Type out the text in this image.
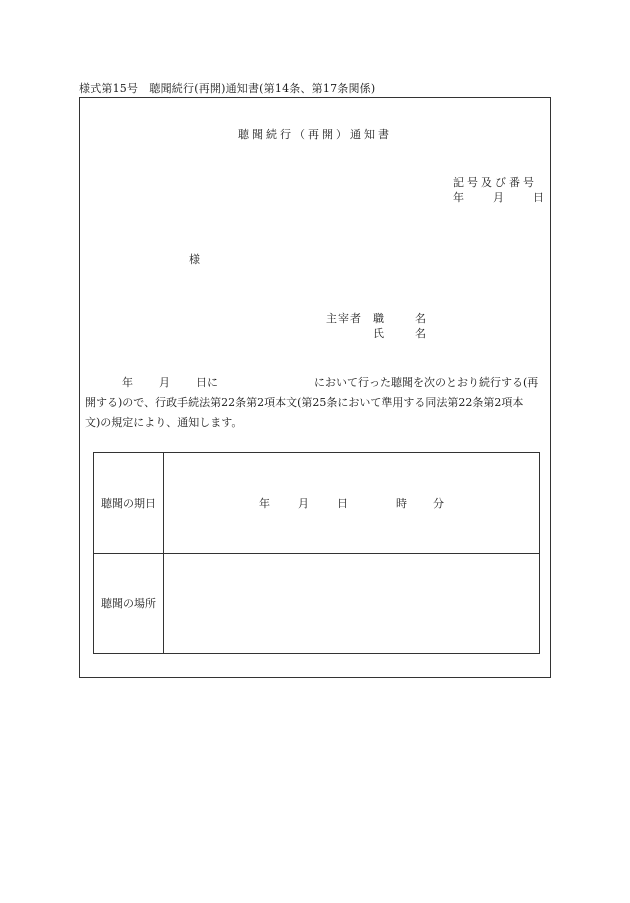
様式第15号　聴聞続行(再開)通知書(第14条、第17条関係)
聴聞続行（再開）通知書
記号及び番号
年	月	日
様
主宰者	職　名
氏　名
年 月 日に	において行った聴聞を次のとおり続行する(再
開する)ので、行政手続法第22条第2項本文(第25条において準用する同法第22条第2項本
文)の規定により、通知します。
聴聞の期日	年 月 日 時 分
聴聞の場所	
